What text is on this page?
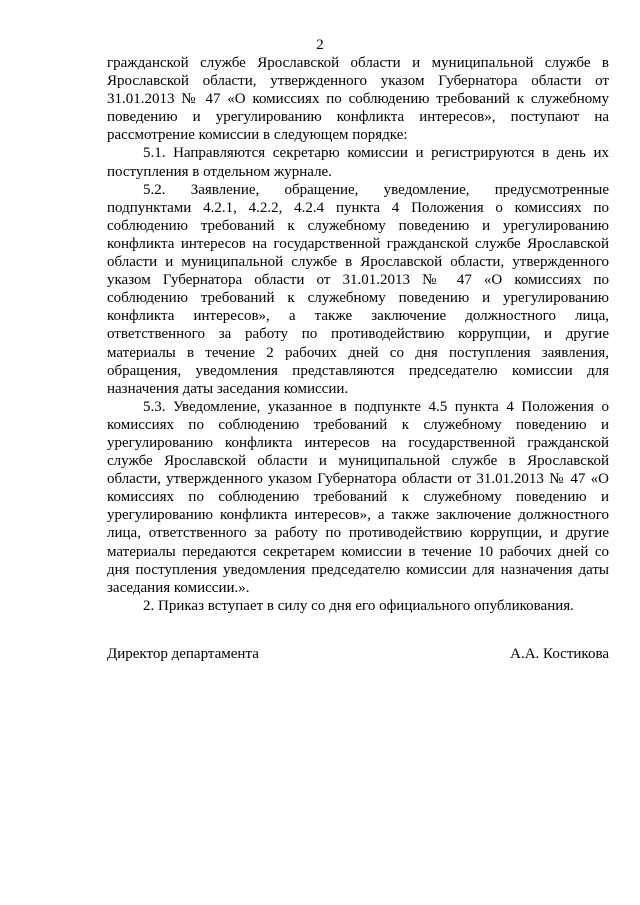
2

гражданской службе Ярославской области и муниципальной службе в Ярославской области, утвержденного указом Губернатора области от 31.01.2013 № 47 «О комиссиях по соблюдению требований к служебному поведению и урегулированию конфликта интересов», поступают на рассмотрение комиссии в следующем порядке:

5.1. Направляются секретарю комиссии и регистрируются в день их поступления в отдельном журнале.

5.2. Заявление, обращение, уведомление, предусмотренные подпунктами 4.2.1, 4.2.2, 4.2.4 пункта 4 Положения о комиссиях по соблюдению требований к служебному поведению и урегулированию конфликта интересов на государственной гражданской службе Ярославской области и муниципальной службе в Ярославской области, утвержденного указом Губернатора области от 31.01.2013 № 47 «О комиссиях по соблюдению требований к служебному поведению и урегулированию конфликта интересов», а также заключение должностного лица, ответственного за работу по противодействию коррупции, и другие материалы в течение 2 рабочих дней со дня поступления заявления, обращения, уведомления представляются председателю комиссии для назначения даты заседания комиссии.

5.3. Уведомление, указанное в подпункте 4.5 пункта 4 Положения о комиссиях по соблюдению требований к служебному поведению и урегулированию конфликта интересов на государственной гражданской службе Ярославской области и муниципальной службе в Ярославской области, утвержденного указом Губернатора области от 31.01.2013 № 47 «О комиссиях по соблюдению требований к служебному поведению и урегулированию конфликта интересов», а также заключение должностного лица, ответственного за работу по противодействию коррупции, и другие материалы передаются секретарем комиссии в течение 10 рабочих дней со дня поступления уведомления председателю комиссии для назначения даты заседания комиссии.».

2. Приказ вступает в силу со дня его официального опубликования.

Директор департамента	А.А. Костикова
